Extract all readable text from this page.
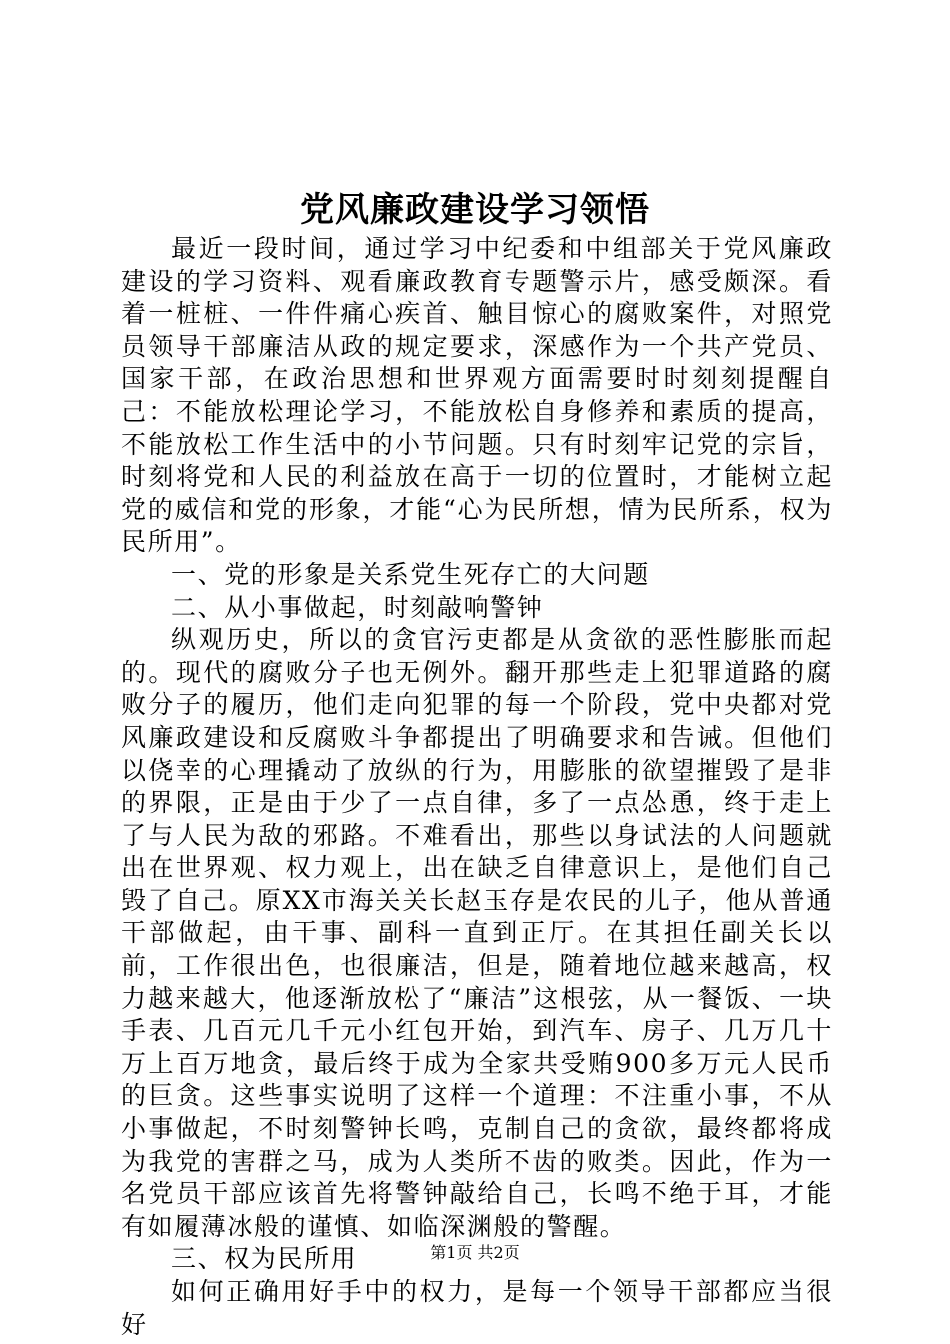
党风廉政建设学习领悟

最近一段时间，通过学习中纪委和中组部关于党风廉政建设的学习资料、观看廉政教育专题警示片，感受颇深。看着一桩桩、一件件痛心疾首、触目惊心的腐败案件，对照党员领导干部廉洁从政的规定要求，深感作为一个共产党员、国家干部，在政治思想和世界观方面需要时时刻刻提醒自己：不能放松理论学习，不能放松自身修养和素质的提高，不能放松工作生活中的小节问题。只有时刻牢记党的宗旨，时刻将党和人民的利益放在高于一切的位置时，才能树立起党的威信和党的形象，才能“心为民所想，情为民所系，权为民所用”。

一、党的形象是关系党生死存亡的大问题

二、从小事做起，时刻敲响警钟

纵观历史，所以的贪官污吏都是从贪欲的恶性膨胀而起的。现代的腐败分子也无例外。翻开那些走上犯罪道路的腐败分子的履历，他们走向犯罪的每一个阶段，党中央都对党风廉政建设和反腐败斗争都提出了明确要求和告诫。但他们以侥幸的心理撬动了放纵的行为，用膨胀的欲望摧毁了是非的界限，正是由于少了一点自律，多了一点怂恿，终于走上了与人民为敌的邪路。不难看出，那些以身试法的人问题就出在世界观、权力观上，出在缺乏自律意识上，是他们自己毁了自己。原XX市海关关长赵玉存是农民的儿子，他从普通干部做起，由干事、副科一直到正厅。在其担任副关长以前，工作很出色，也很廉洁，但是，随着地位越来越高，权力越来越大，他逐渐放松了“廉洁”这根弦，从一餐饭、一块手表、几百元几千元小红包开始，到汽车、房子、几万几十万上百万地贪，最后终于成为全家共受贿900多万元人民币的巨贪。这些事实说明了这样一个道理：不注重小事，不从小事做起，不时刻警钟长鸣，克制自己的贪欲，最终都将成为我党的害群之马，成为人类所不齿的败类。因此，作为一名党员干部应该首先将警钟敲给自己，长鸣不绝于耳，才能有如履薄冰般的谨慎、如临深渊般的警醒。

三、权为民所用

如何正确用好手中的权力，是每一个领导干部都应当很好

第1页 共2页
